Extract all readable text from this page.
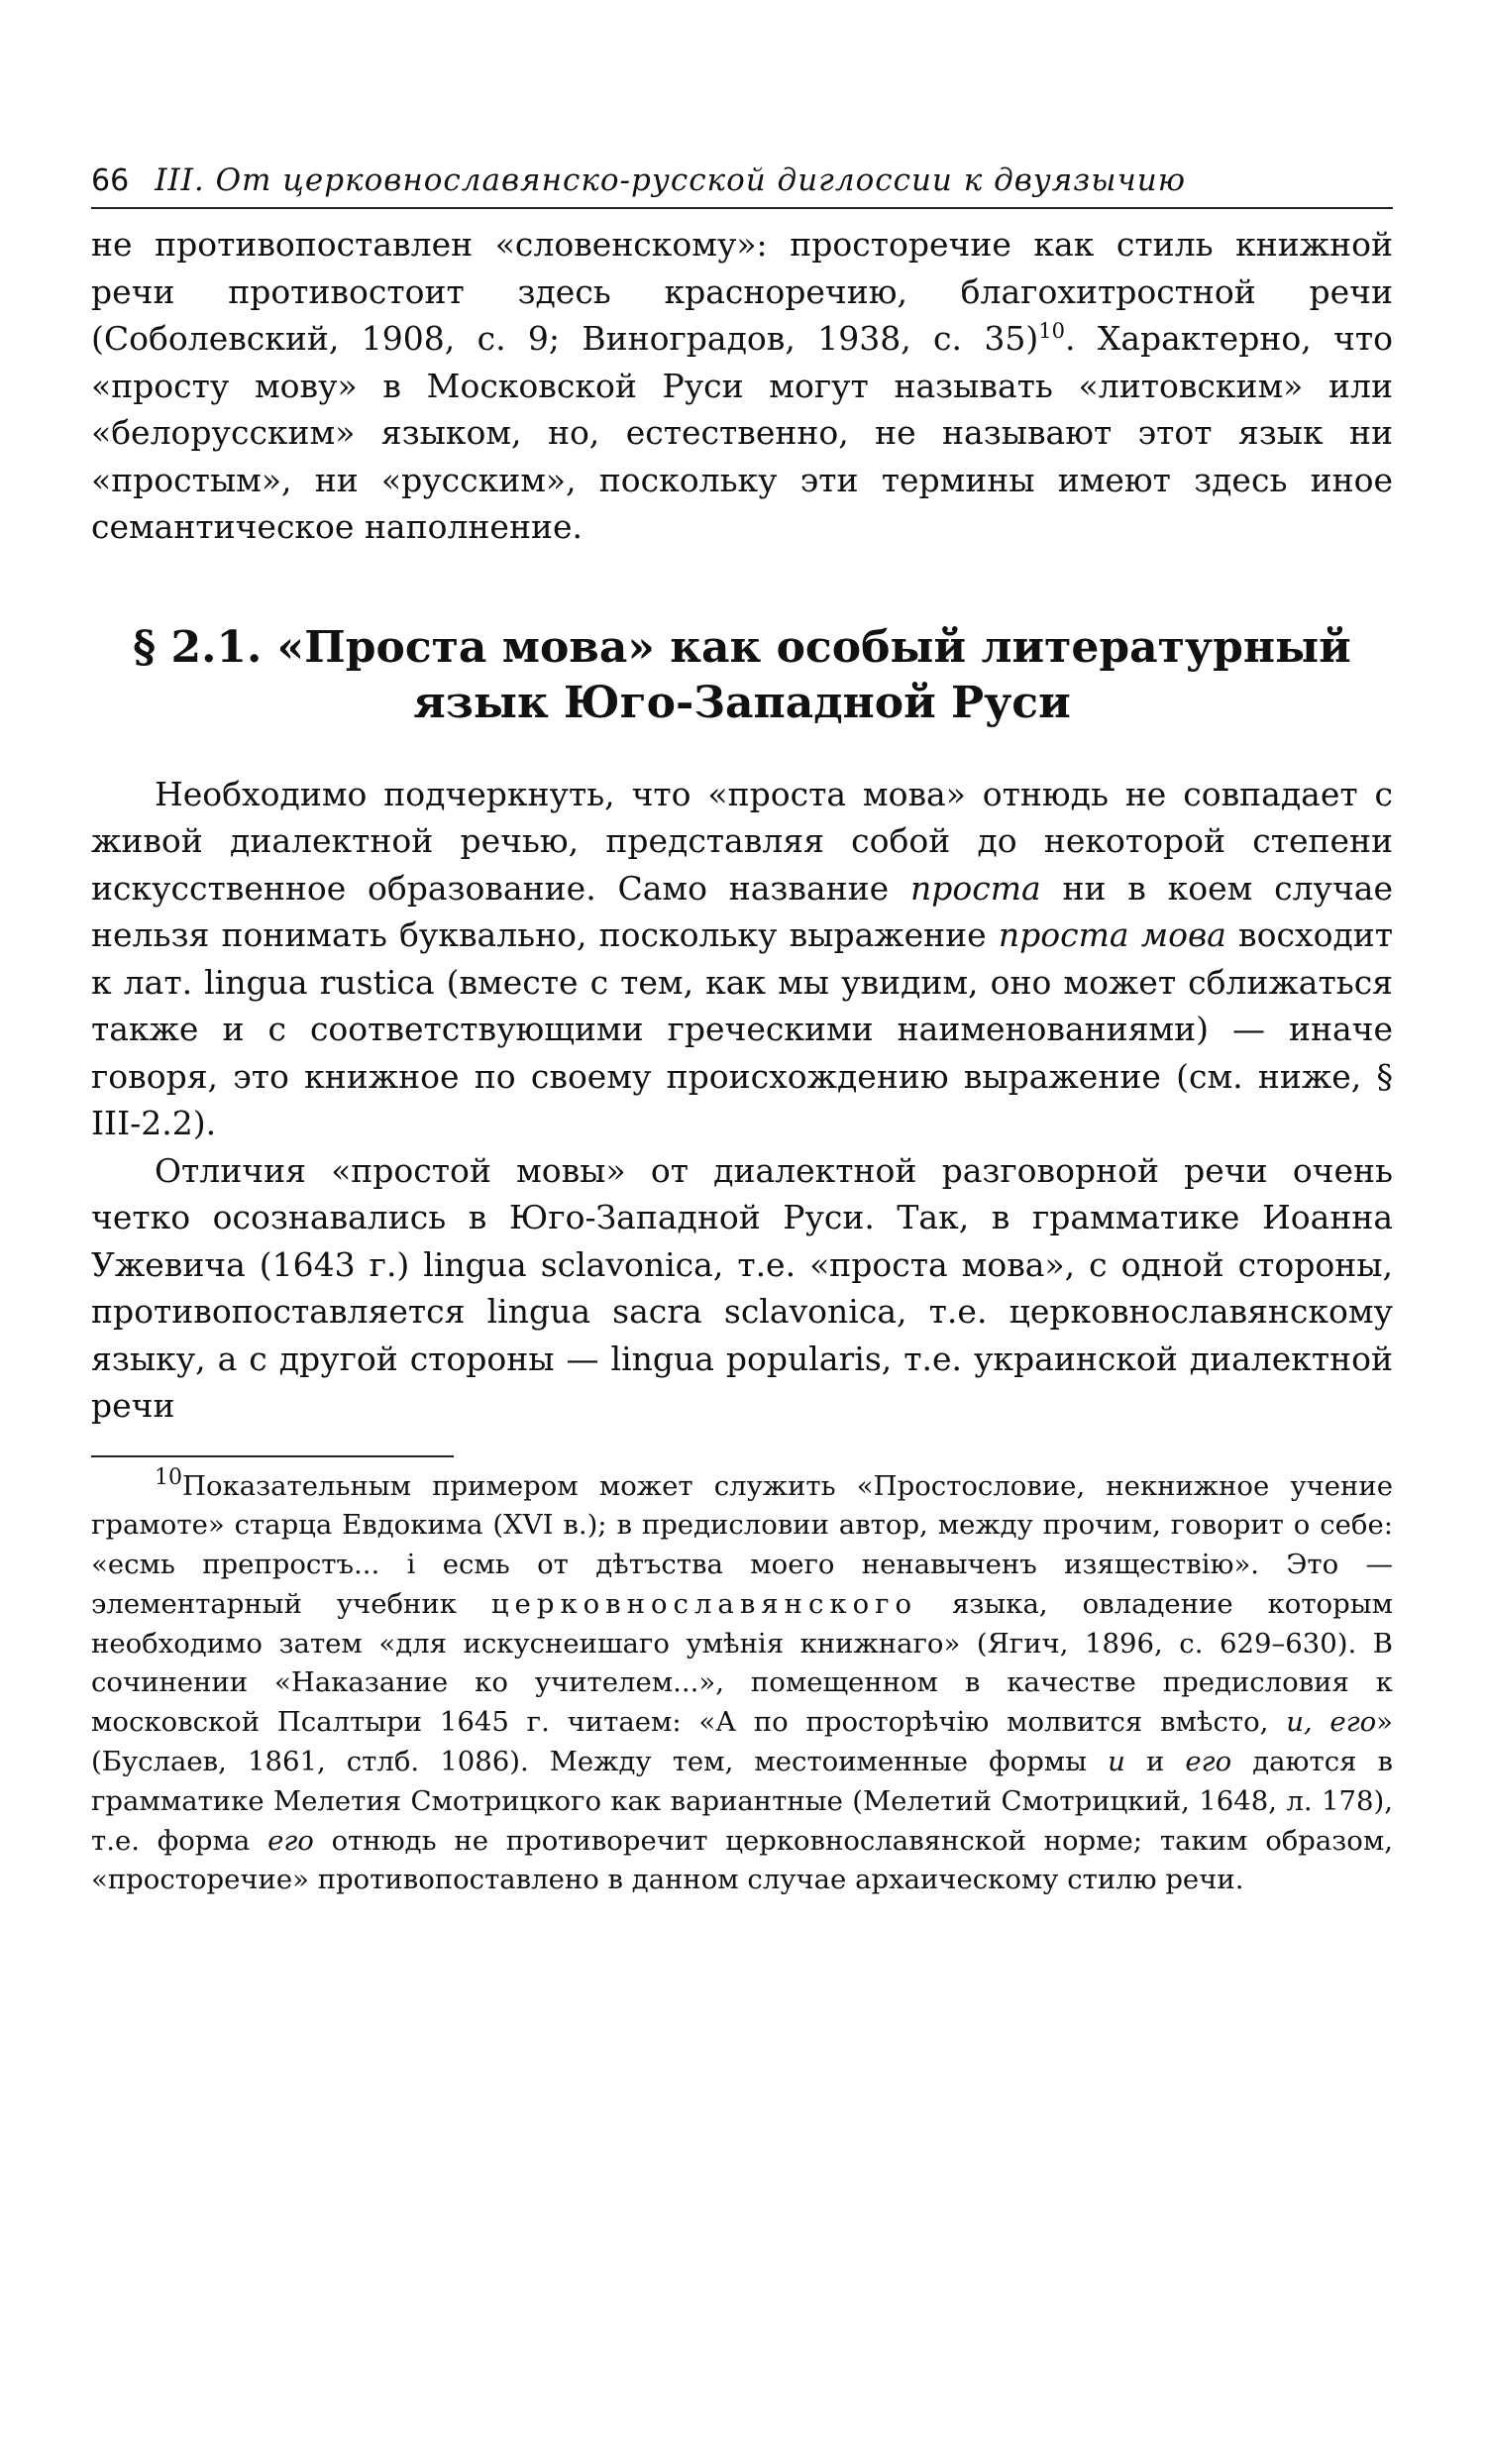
66 III. От церковнославянско-русской диглоссии к двуязычию

не противопоставлен «словенскому»: просторечие как стиль книжной речи противостоит здесь красноречию, благохитростной речи (Соболевский, 1908, с. 9; Виноградов, 1938, с. 35)$^{10}$. Характерно, что «просту мову» в Московской Руси могут называть «литовским» или «белорусским» языком, но, естественно, не называют этот язык ни «простым», ни «русским», поскольку эти термины имеют здесь иное семантическое наполнение.

§ 2.1. «Проста мова» как особый литературный
язык Юго-Западной Руси

Необходимо подчеркнуть, что «проста мова» отнюдь не совпадает с живой диалектной речью, представляя собой до некоторой степени искусственное образование. Само название проста ни в коем случае нельзя понимать буквально, поскольку выражение проста мова восходит к лат. lingua rustica (вместе с тем, как мы увидим, оно может сближаться также и с соответствующими греческими наименованиями) — иначе говоря, это книжное по своему происхождению выражение (см. ниже, § III-2.2).

Отличия «простой мовы» от диалектной разговорной речи очень четко осознавались в Юго-Западной Руси. Так, в грамматике Иоанна Ужевича (1643 г.) lingua sclavonica, т.е. «проста мова», с одной стороны, противопоставляется lingua sacra sclavonica, т.е. церковнославянскому языку, а с другой стороны — lingua popularis, т.е. украинской диалектной речи

$^{10}$Показательным примером может служить «Простословие, некнижное учение грамоте» старца Евдокима (XVI в.); в предисловии автор, между прочим, говорит о себе: «есмь препростъ... і есмь от дѣтъства моего ненавыченъ изяществію». Это — элементарный учебник церковнославянского языка, овладение которым необходимо затем «для искуснеишаго умѣнія книжнаго» (Ягич, 1896, с. 629–630). В сочинении «Наказание ко учителем...», помещенном в качестве предисловия к московской Псалтыри 1645 г. читаем: «А по просторѣчію молвится вмѣсто, и, его» (Буслаев, 1861, стлб. 1086). Между тем, местоименные формы и и его даются в грамматике Мелетия Смотрицкого как вариантные (Мелетий Смотрицкий, 1648, л. 178), т.е. форма его отнюдь не противоречит церковнославянской норме; таким образом, «просторечие» противопоставлено в данном случае архаическому стилю речи.
